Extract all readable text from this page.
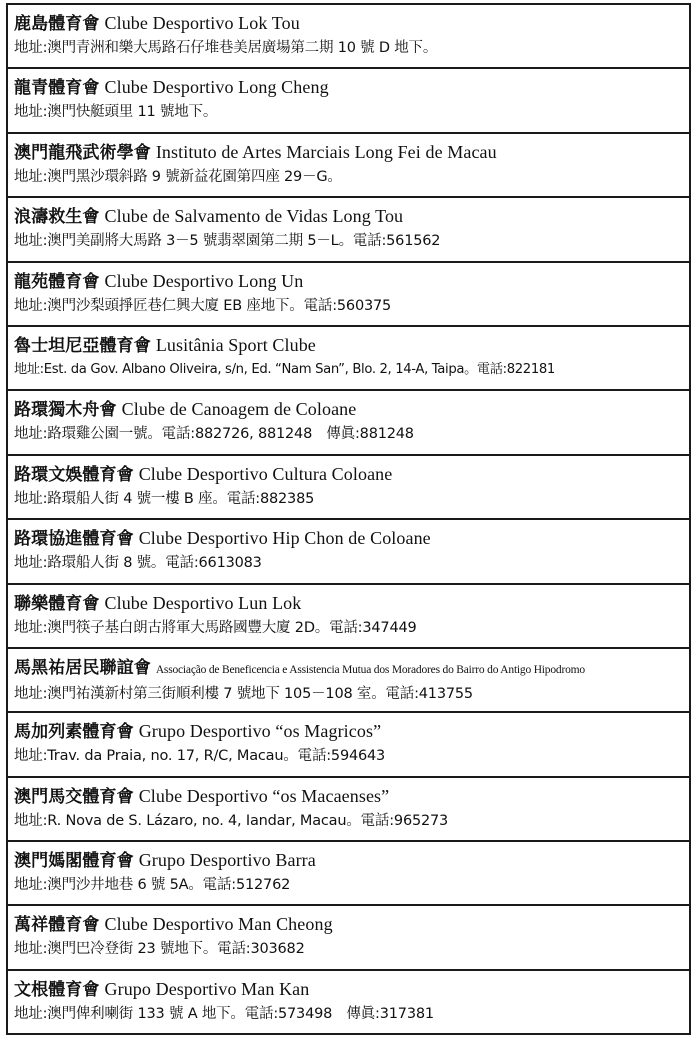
鹿島體育會 Clube Desportivo Lok Tou
地址:澳門青洲和樂大馬路石仔堆巷美居廣場第二期 10 號 D 地下。
龍青體育會 Clube Desportivo Long Cheng
地址:澳門快艇頭里 11 號地下。
澳門龍飛武術學會 Instituto de Artes Marciais Long Fei de Macau
地址:澳門黑沙環斜路 9 號新益花園第四座 29－G。
浪濤救生會 Clube de Salvamento de Vidas Long Tou
地址:澳門美副將大馬路 3－5 號翡翠園第二期 5－L。電話:561562
龍苑體育會 Clube Desportivo Long Un
地址:澳門沙梨頭掙匠巷仁興大廈 EB 座地下。電話:560375
魯士坦尼亞體育會 Lusitânia Sport Clube
地址:Est. da Gov. Albano Oliveira, s/n, Ed. “Nam San”, Blo. 2, 14-A, Taipa。電話:822181
路環獨木舟會 Clube de Canoagem de Coloane
地址:路環雞公園一號。電話:882726, 881248　傳眞:881248
路環文娛體育會 Clube Desportivo Cultura Coloane
地址:路環船人街 4 號一樓 B 座。電話:882385
路環協進體育會 Clube Desportivo Hip Chon de Coloane
地址:路環船人街 8 號。電話:6613083
聯樂體育會 Clube Desportivo Lun Lok
地址:澳門筷子基白朗古將軍大馬路國豐大廈 2D。電話:347449
馬黑祐居民聯誼會 Associação de Beneficencia e Assistencia Mutua dos Moradores do Bairro do Antigo Hipodromo
地址:澳門祐漢新村第三街順利樓 7 號地下 105－108 室。電話:413755
馬加列素體育會 Grupo Desportivo “os Magricos”
地址:Trav. da Praia, no. 17, R/C, Macau。電話:594643
澳門馬交體育會 Clube Desportivo “os Macaenses”
地址:R. Nova de S. Lázaro, no. 4, Iandar, Macau。電話:965273
澳門媽閣體育會 Grupo Desportivo Barra
地址:澳門沙井地巷 6 號 5A。電話:512762
萬祥體育會 Clube Desportivo Man Cheong
地址:澳門巴冷登街 23 號地下。電話:303682
文根體育會 Grupo Desportivo Man Kan
地址:澳門俾利喇街 133 號 A 地下。電話:573498　傳眞:317381
